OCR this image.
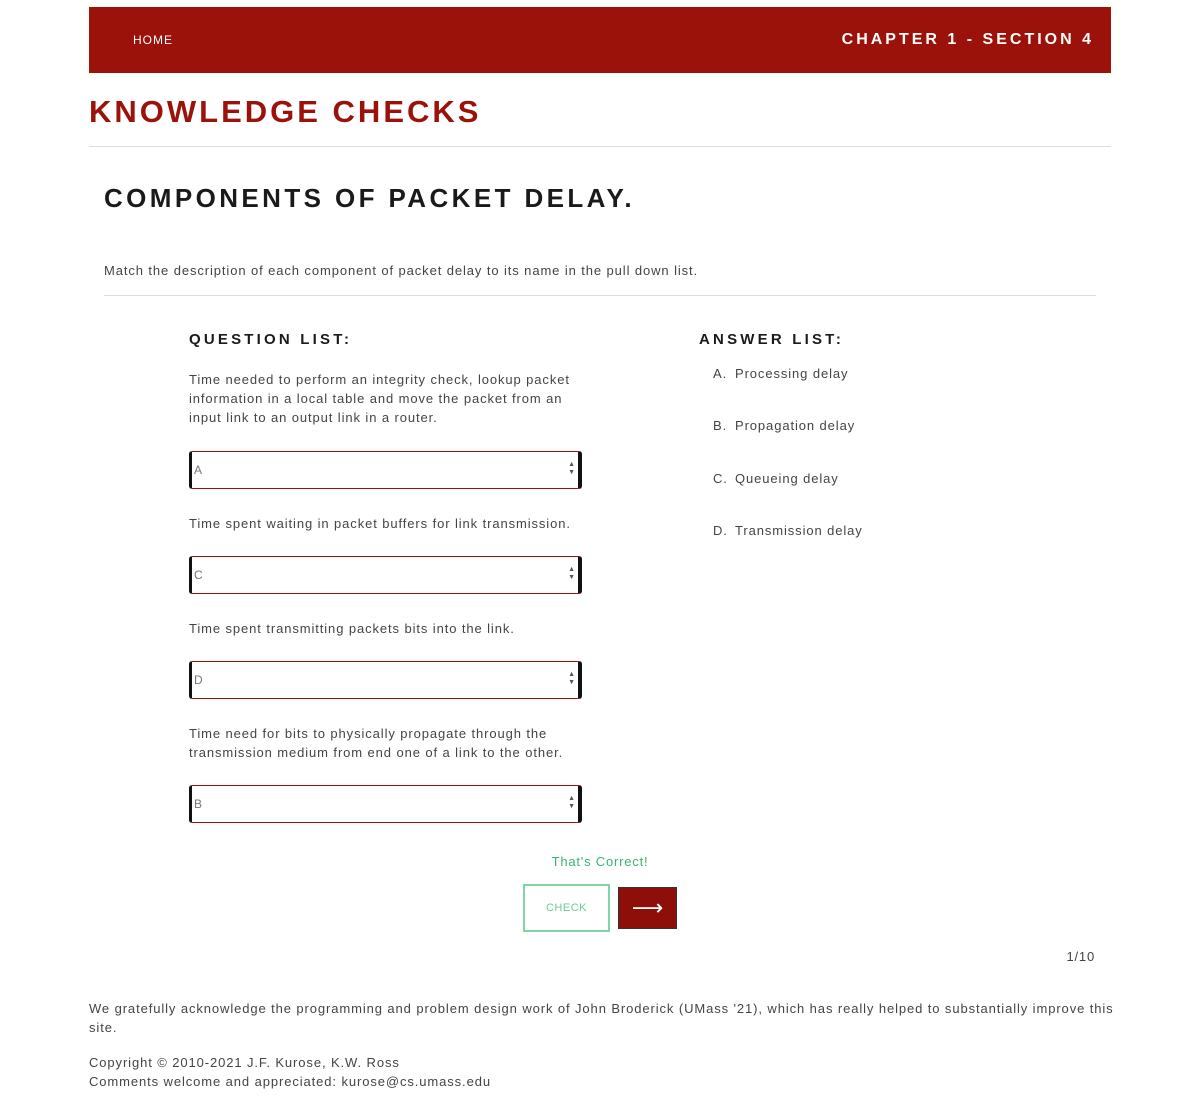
HOME	CHAPTER 1 - SECTION 4
KNOWLEDGE CHECKS
COMPONENTS OF PACKET DELAY.
Match the description of each component of packet delay to its name in the pull down list.
QUESTION LIST:
Time needed to perform an integrity check, lookup packet information in a local table and move the packet from an input link to an output link in a router.
A	▲
▼
Time spent waiting in packet buffers for link transmission.
C	▲
▼
Time spent transmitting packets bits into the link.
D	▲
▼
Time need for bits to physically propagate through the transmission medium from end one of a link to the other.
B	▲
▼
ANSWER LIST:
A. Processing delay
B. Propagation delay
C. Queueing delay
D. Transmission delay
That's Correct!
CHECK	⟶
1/10
We gratefully acknowledge the programming and problem design work of John Broderick (UMass '21), which has really helped to substantially improve this site.
Copyright © 2010-2021 J.F. Kurose, K.W. Ross
Comments welcome and appreciated: kurose@cs.umass.edu
